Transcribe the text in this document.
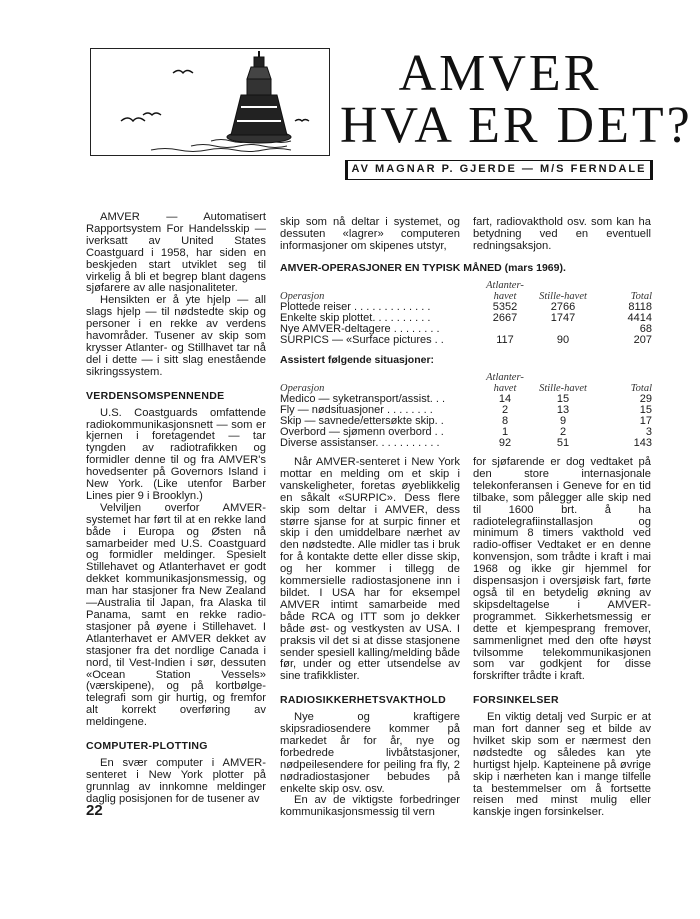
AMVER
HVA ER DET?
AV MAGNAR P. GJERDE — M/S FERNDALE

AMVER — Automatisert Rapportsystem For Handelsskip — iverksatt av United States Coastguard i 1958, har siden en beskjeden start utviklet seg til virkelig å bli et begrep blant dagens sjøfarere av alle nasjonaliteter.

Hensikten er å yte hjelp — all slags hjelp — til nødstedte skip og personer i en rekke av verdens havområder. Tusener av skip som krysser Atlanter- og Stillhavet tar nå del i dette — i sitt slag enestående sikringssystem.

VERDENSOMSPENNENDE

U.S. Coastguards omfattende radiokommunikasjonsnett — som er kjernen i foretagendet — tar tyngden av radiotrafikken og formidler denne til og fra AMVER's hovedsenter på Governors Island i New York. (Like utenfor Barber Lines pier 9 i Brooklyn.)

Velviljen overfor AMVER-systemet har ført til at en rekke land både i Europa og Østen nå samarbeider med U.S. Coastguard og formidler meldinger. Spesielt Stillehavet og Atlanterhavet er godt dekket kommunikasjonsmessig, og man har stasjoner fra New Zealand—Australia til Japan, fra Alaska til Panama, samt en rekke radio-stasjoner på øyene i Stillehavet. I Atlanterhavet er AMVER dekket av stasjoner fra det nordlige Canada i nord, til Vest-Indien i sør, dessuten «Ocean Station Vessels» (værskipene), og på kortbølge-telegrafi som gir hurtig, og fremfor alt korrekt overføring av meldingene.

COMPUTER-PLOTTING

En svær computer i AMVER-senteret i New York plotter på grunnlag av innkomne meldinger daglig posisjonen for de tusener av

skip som nå deltar i systemet, og dessuten «lagrer» computeren informasjoner om skipenes utstyr,

fart, radiovakthold osv. som kan ha betydning ved en eventuell redningsaksjon.

AMVER-OPERASJONER EN TYPISK MÅNED (mars 1969).
Operasjon	Atlanter-havet	Stille-havet	Total
Plottede reiser . . . . . . . . . . . . .	5352	2766	8118
Enkelte skip plottet. . . . . . . . . .	2667	1747	4414
Nye AMVER-deltagere . . . . . . . .			68
SURPICS — «Surface pictures . .	117	90	207
Assistert følgende situasjoner:
Operasjon	Atlanter-havet	Stille-havet	Total
Medico — syketransport/assist. . .	14	15	29
Fly — nødsituasjoner . . . . . . . .	2	13	15
Skip — savnede/ettersøkte skip. .	8	9	17
Overbord — sjømenn overbord . .	1	2	3
Diverse assistanser. . . . . . . . . . .	92	51	143

Når AMVER-senteret i New York mottar en melding om et skip i vanskeligheter, foretas øyeblikkelig en såkalt «SURPIC». Dess flere skip som deltar i AMVER, dess større sjanse for at surpic finner et skip i den umiddelbare nærhet av den nødstedte. Alle midler tas i bruk for å kontakte dette eller disse skip, og her kommer i tillegg de kommersielle radiostasjonene inn i bildet. I USA har for eksempel AMVER intimt samarbeide med både RCA og ITT som jo dekker både øst- og vestkysten av USA. I praksis vil det si at disse stasjonene sender spesiell kalling/melding både før, under og etter utsendelse av sine trafikklister.

RADIOSIKKERHETSVAKTHOLD

Nye og kraftigere skipsradiosendere kommer på markedet år for år, nye og forbedrede livbåtstasjoner, nødpeilesendere for peiling fra fly, 2 nødradiostasjoner bebudes på enkelte skip osv. osv.

En av de viktigste forbedringer kommunikasjonsmessig til vern

for sjøfarende er dog vedtaket på den store internasjonale telekonferansen i Geneve for en tid tilbake, som pålegger alle skip ned til 1600 brt. å ha radiotelegrafiinstallasjon og minimum 8 timers vakthold ved radio-offiser Vedtaket er en denne konvensjon, som trådte i kraft i mai 1968 og ikke gir hjemmel for dispensasjon i oversjøisk fart, førte også til en betydelig økning av skipsdeltagelse i AMVER-programmet. Sikkerhetsmessig er dette et kjempesprang fremover, sammenlignet med den ofte høyst tvilsomme telekommunikasjonen som var godkjent for disse forskrifter trådte i kraft.

FORSINKELSER

En viktig detalj ved Surpic er at man fort danner seg et bilde av hvilket skip som er nærmest den nødstedte og således kan yte hurtigst hjelp. Kapteinene på øvrige skip i nærheten kan i mange tilfelle ta bestemmelser om å fortsette reisen med minst mulig eller kanskje ingen forsinkelser.

22
